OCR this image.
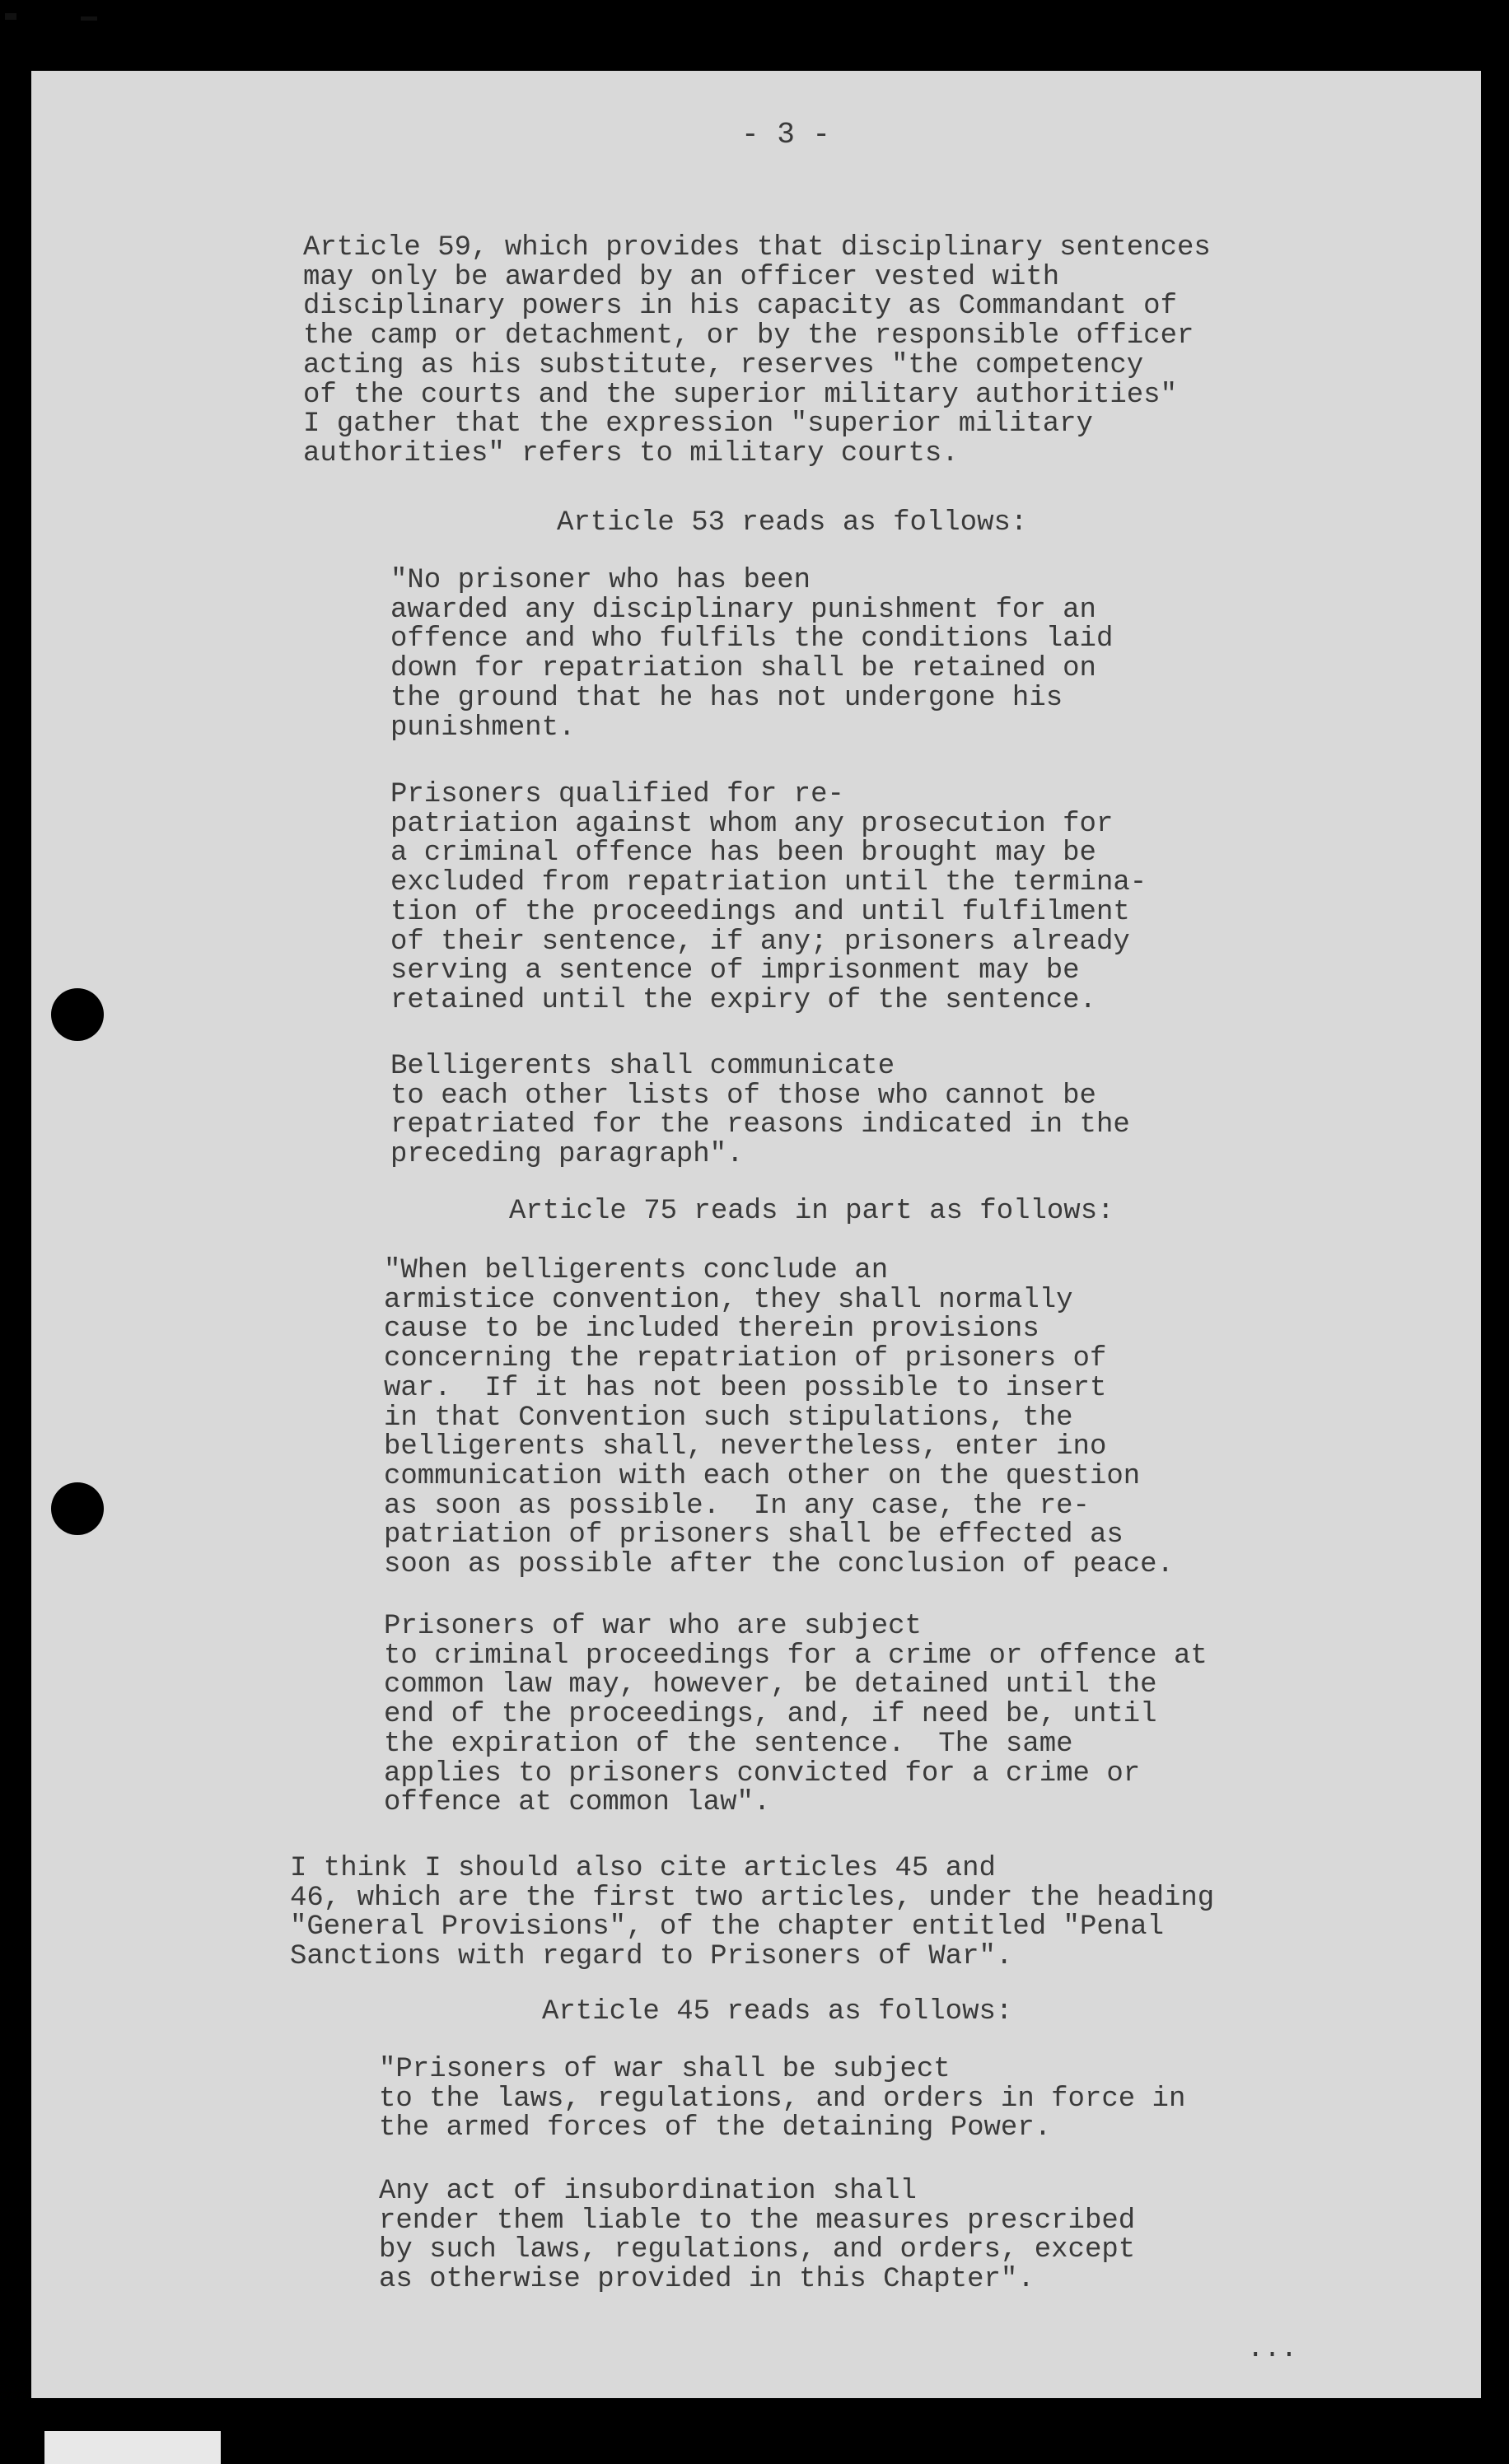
- 3 -

Article 59, which provides that disciplinary sentences
may only be awarded by an officer vested with
disciplinary powers in his capacity as Commandant of
the camp or detachment, or by the responsible officer
acting as his substitute, reserves "the competency
of the courts and the superior military authorities"
I gather that the expression "superior military
authorities" refers to military courts.

Article 53 reads as follows:

"No prisoner who has been
awarded any disciplinary punishment for an
offence and who fulfils the conditions laid
down for repatriation shall be retained on
the ground that he has not undergone his
punishment.

Prisoners qualified for re-
patriation against whom any prosecution for
a criminal offence has been brought may be
excluded from repatriation until the termina-
tion of the proceedings and until fulfilment
of their sentence, if any; prisoners already
serving a sentence of imprisonment may be
retained until the expiry of the sentence.

Belligerents shall communicate
to each other lists of those who cannot be
repatriated for the reasons indicated in the
preceding paragraph".

Article 75 reads in part as follows:

"When belligerents conclude an
armistice convention, they shall normally
cause to be included therein provisions
concerning the repatriation of prisoners of
war.  If it has not been possible to insert
in that Convention such stipulations, the
belligerents shall, nevertheless, enter ino
communication with each other on the question
as soon as possible.  In any case, the re-
patriation of prisoners shall be effected as
soon as possible after the conclusion of peace.

Prisoners of war who are subject
to criminal proceedings for a crime or offence at
common law may, however, be detained until the
end of the proceedings, and, if need be, until
the expiration of the sentence.  The same
applies to prisoners convicted for a crime or
offence at common law".

I think I should also cite articles 45 and
46, which are the first two articles, under the heading
"General Provisions", of the chapter entitled "Penal
Sanctions with regard to Prisoners of War".

Article 45 reads as follows:

"Prisoners of war shall be subject
to the laws, regulations, and orders in force in
the armed forces of the detaining Power.

Any act of insubordination shall
render them liable to the measures prescribed
by such laws, regulations, and orders, except
as otherwise provided in this Chapter".

...
